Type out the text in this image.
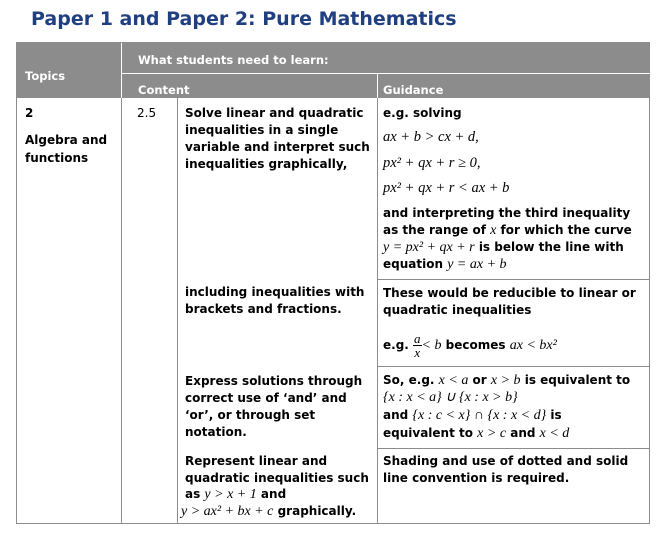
Paper 1 and Paper 2: Pure Mathematics
Topics
What students need to learn:
Content	Guidance
2
Algebra and
functions
2.5 Solve linear and quadratic
inequalities in a single
variable and interpret such
inequalities graphically,
including inequalities with
brackets and fractions.
Express solutions through
correct use of ‘and’ and
‘or’, or through set
notation.
Represent linear and
quadratic inequalities such
as y > x + 1 and
y > ax² + bx + c graphically.
e.g. solving
ax + b > cx + d,
px² + qx + r ≥ 0,
px² + qx + r < ax + b
and interpreting the third inequality
as the range of x for which the curve
y = px² + qx + r is below the line with
equation y = ax + b
These would be reducible to linear or
quadratic inequalities
e.g. $\frac{a}{x} < b$ becomes ax < bx²
So, e.g. x < a or x > b is equivalent to
{x : x < a} ∪ {x : x > b}
and {x : c < x} ∩ {x : x < d} is
equivalent to x > c and x < d
Shading and use of dotted and solid
line convention is required.
